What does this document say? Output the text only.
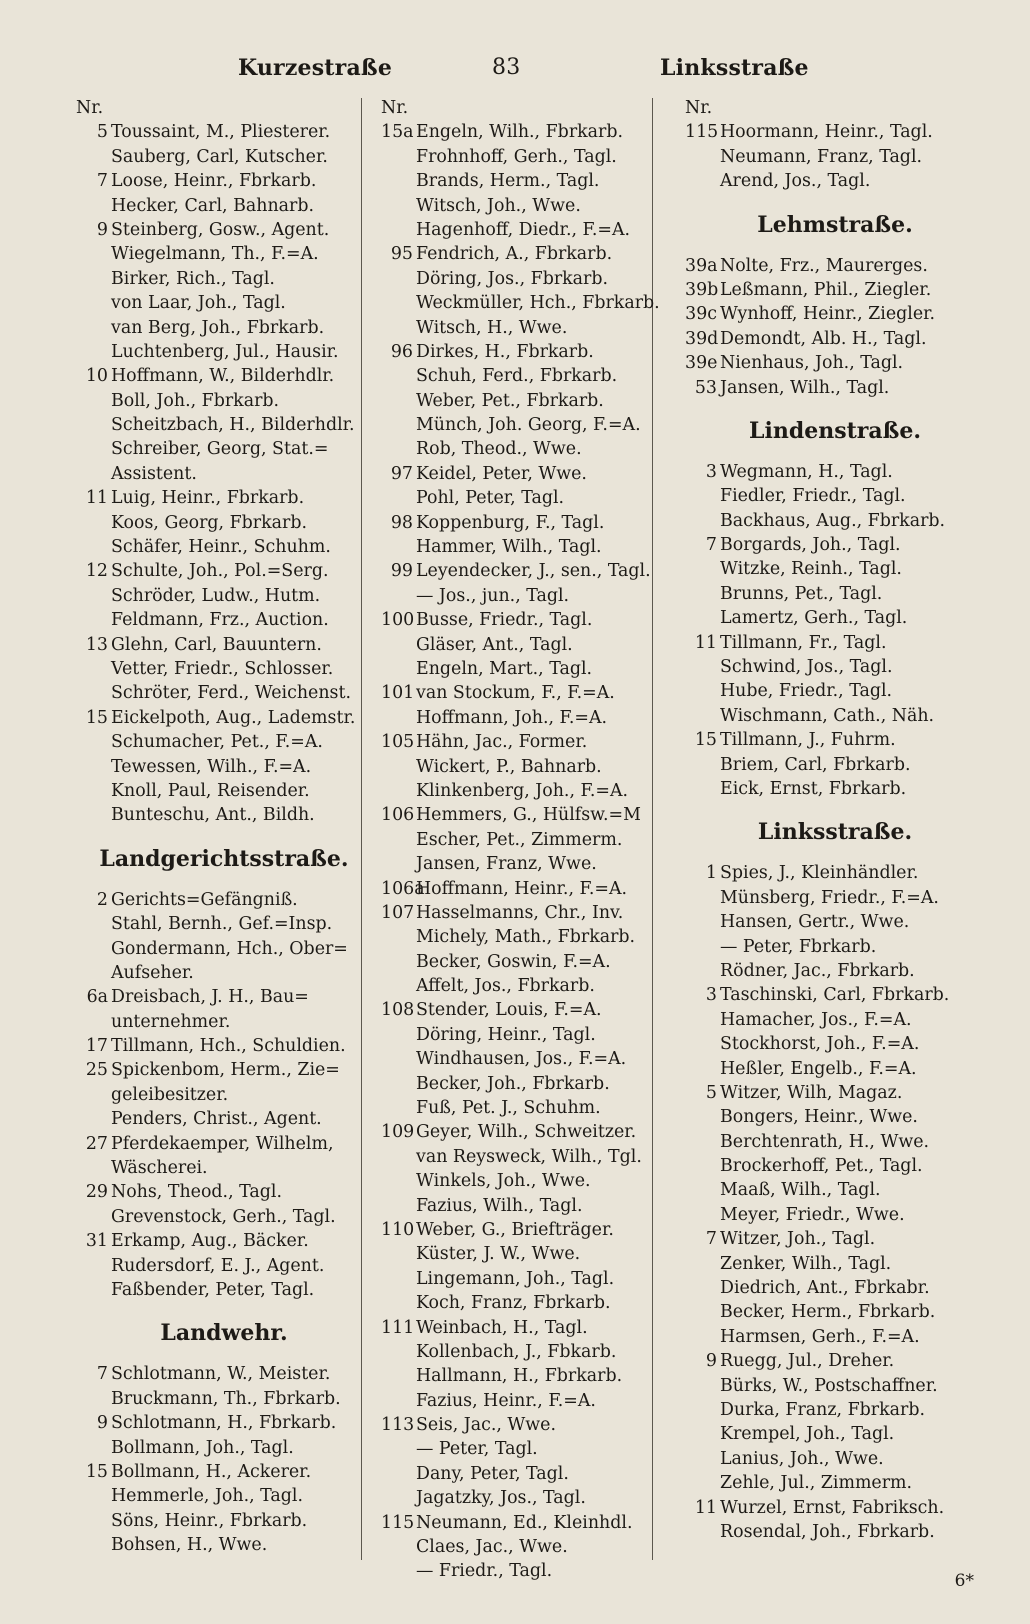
Kurzestraße	83	Linksstraße
Nr.
5 Toussaint, M., Pliesterer.
Sauberg, Carl, Kutscher.
7 Loose, Heinr., Fbrkarb.
Hecker, Carl, Bahnarb.
9 Steinberg, Gosw., Agent.
Wiegelmann, Th., F.=A.
Birker, Rich., Tagl.
von Laar, Joh., Tagl.
van Berg, Joh., Fbrkarb.
Luchtenberg, Jul., Hausir.
10 Hoffmann, W., Bilderhdlr.
Boll, Joh., Fbrkarb.
Scheitzbach, H., Bilderhdlr.
Schreiber, Georg, Stat.=
Assistent.
11 Luig, Heinr., Fbrkarb.
Koos, Georg, Fbrkarb.
Schäfer, Heinr., Schuhm.
12 Schulte, Joh., Pol.=Serg.
Schröder, Ludw., Hutm.
Feldmann, Frz., Auction.
13 Glehn, Carl, Bauuntern.
Vetter, Friedr., Schlosser.
Schröter, Ferd., Weichenst.
15 Eickelpoth, Aug., Lademstr.
Schumacher, Pet., F.=A.
Tewessen, Wilh., F.=A.
Knoll, Paul, Reisender.
Bunteschu, Ant., Bildh.
Landgerichtsstraße.
2 Gerichts=Gefängniß.
Stahl, Bernh., Gef.=Insp.
Gondermann, Hch., Ober=
Aufseher.
6a Dreisbach, J. H., Bau=
unternehmer.
17 Tillmann, Hch., Schuldien.
25 Spickenbom, Herm., Zie=
geleibesitzer.
Penders, Christ., Agent.
27 Pferdekaemper, Wilhelm,
Wäscherei.
29 Nohs, Theod., Tagl.
Grevenstock, Gerh., Tagl.
31 Erkamp, Aug., Bäcker.
Rudersdorf, E. J., Agent.
Faßbender, Peter, Tagl.
Landwehr.
7 Schlotmann, W., Meister.
Bruckmann, Th., Fbrkarb.
9 Schlotmann, H., Fbrkarb.
Bollmann, Joh., Tagl.
15 Bollmann, H., Ackerer.
Hemmerle, Joh., Tagl.
Söns, Heinr., Fbrkarb.
Bohsen, H., Wwe.
Nr.
15a Engeln, Wilh., Fbrkarb.
Frohnhoff, Gerh., Tagl.
Brands, Herm., Tagl.
Witsch, Joh., Wwe.
Hagenhoff, Diedr., F.=A.
95 Fendrich, A., Fbrkarb.
Döring, Jos., Fbrkarb.
Weckmüller, Hch., Fbrkarb.
Witsch, H., Wwe.
96 Dirkes, H., Fbrkarb.
Schuh, Ferd., Fbrkarb.
Weber, Pet., Fbrkarb.
Münch, Joh. Georg, F.=A.
Rob, Theod., Wwe.
97 Keidel, Peter, Wwe.
Pohl, Peter, Tagl.
98 Koppenburg, F., Tagl.
Hammer, Wilh., Tagl.
99 Leyendecker, J., sen., Tagl.
— Jos., jun., Tagl.
100 Busse, Friedr., Tagl.
Gläser, Ant., Tagl.
Engeln, Mart., Tagl.
101 van Stockum, F., F.=A.
Hoffmann, Joh., F.=A.
105 Hähn, Jac., Former.
Wickert, P., Bahnarb.
Klinkenberg, Joh., F.=A.
106 Hemmers, G., Hülfsw.=M
Escher, Pet., Zimmerm.
Jansen, Franz, Wwe.
106aHoffmann, Heinr., F.=A.
107 Hasselmanns, Chr., Inv.
Michely, Math., Fbrkarb.
Becker, Goswin, F.=A.
Affelt, Jos., Fbrkarb.
108 Stender, Louis, F.=A.
Döring, Heinr., Tagl.
Windhausen, Jos., F.=A.
Becker, Joh., Fbrkarb.
Fuß, Pet. J., Schuhm.
109 Geyer, Wilh., Schweitzer.
van Reysweck, Wilh., Tgl.
Winkels, Joh., Wwe.
Fazius, Wilh., Tagl.
110 Weber, G., Briefträger.
Küster, J. W., Wwe.
Lingemann, Joh., Tagl.
Koch, Franz, Fbrkarb.
111 Weinbach, H., Tagl.
Kollenbach, J., Fbkarb.
Hallmann, H., Fbrkarb.
Fazius, Heinr., F.=A.
113 Seis, Jac., Wwe.
— Peter, Tagl.
Dany, Peter, Tagl.
Jagatzky, Jos., Tagl.
115 Neumann, Ed., Kleinhdl.
Claes, Jac., Wwe.
— Friedr., Tagl.
Nr.
115 Hoormann, Heinr., Tagl.
Neumann, Franz, Tagl.
Arend, Jos., Tagl.
Lehmstraße.
39a Nolte, Frz., Maurerges.
39bLeßmann, Phil., Ziegler.
39c Wynhoff, Heinr., Ziegler.
39dDemondt, Alb. H., Tagl.
39e Nienhaus, Joh., Tagl.
53 Jansen, Wilh., Tagl.
Lindenstraße.
3 Wegmann, H., Tagl.
Fiedler, Friedr., Tagl.
Backhaus, Aug., Fbrkarb.
7 Borgards, Joh., Tagl.
Witzke, Reinh., Tagl.
Brunns, Pet., Tagl.
Lamertz, Gerh., Tagl.
11 Tillmann, Fr., Tagl.
Schwind, Jos., Tagl.
Hube, Friedr., Tagl.
Wischmann, Cath., Näh.
15 Tillmann, J., Fuhrm.
Briem, Carl, Fbrkarb.
Eick, Ernst, Fbrkarb.
Linksstraße.
1 Spies, J., Kleinhändler.
Münsberg, Friedr., F.=A.
Hansen, Gertr., Wwe.
— Peter, Fbrkarb.
Rödner, Jac., Fbrkarb.
3 Taschinski, Carl, Fbrkarb.
Hamacher, Jos., F.=A.
Stockhorst, Joh., F.=A.
Heßler, Engelb., F.=A.
5 Witzer, Wilh, Magaz.
Bongers, Heinr., Wwe.
Berchtenrath, H., Wwe.
Brockerhoff, Pet., Tagl.
Maaß, Wilh., Tagl.
Meyer, Friedr., Wwe.
7 Witzer, Joh., Tagl.
Zenker, Wilh., Tagl.
Diedrich, Ant., Fbrkabr.
Becker, Herm., Fbrkarb.
Harmsen, Gerh., F.=A.
9 Ruegg, Jul., Dreher.
Bürks, W., Postschaffner.
Durka, Franz, Fbrkarb.
Krempel, Joh., Tagl.
Lanius, Joh., Wwe.
Zehle, Jul., Zimmerm.
11 Wurzel, Ernst, Fabriksch.
Rosendal, Joh., Fbrkarb.
6*
